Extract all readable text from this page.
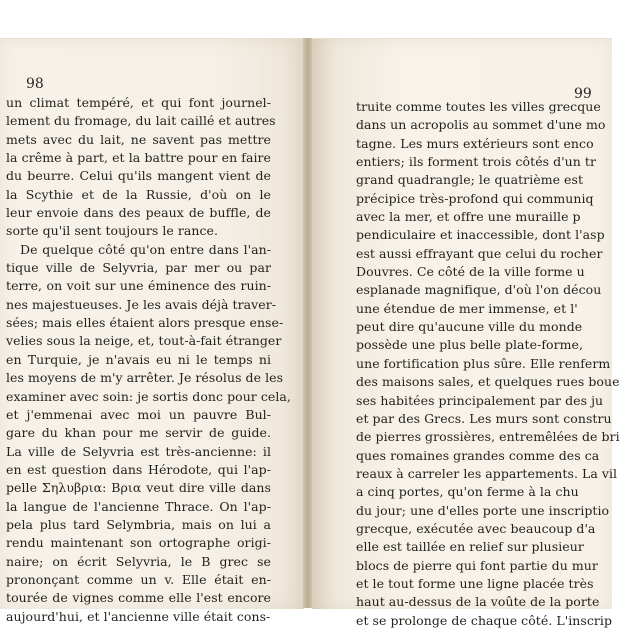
98

99

un climat tempéré, et qui font journel-
lement du fromage, du lait caillé et autres
mets avec du lait, ne savent pas mettre
la crême à part, et la battre pour en faire
du beurre. Celui qu'ils mangent vient de
la Scythie et de la Russie, d'où on le
leur envoie dans des peaux de buffle, de
sorte qu'il sent toujours le rance.
De quelque côté qu'on entre dans l'an-
tique ville de Selyvria, par mer ou par
terre, on voit sur une éminence des ruin-
nes majestueuses. Je les avais déjà traver-
sées; mais elles étaient alors presque ense-
velies sous la neige, et, tout-à-fait étranger
en Turquie, je n'avais eu ni le temps ni
les moyens de m'y arrêter. Je résolus de les
examiner avec soin: je sortis donc pour cela,
et j'emmenai avec moi un pauvre Bul-
gare du khan pour me servir de guide.
La ville de Selyvria est très-ancienne: il
en est question dans Hérodote, qui l'ap-
pelle Σηλυβρια: Βρια veut dire ville dans
la langue de l'ancienne Thrace. On l'ap-
pela plus tard Selymbria, mais on lui a
rendu maintenant son ortographe origi-
naire; on écrit Selyvria, le B grec se
prononçant comme un v. Elle était en-
tourée de vignes comme elle l'est encore
aujourd'hui, et l'ancienne ville était cons-
truite comme toutes les villes grecque
dans un acropolis au sommet d'une mo
tagne. Les murs extérieurs sont enco
entiers; ils forment trois côtés d'un tr
grand quadrangle; le quatrième est
précipice très-profond qui communiq
avec la mer, et offre une muraille p
pendiculaire et inaccessible, dont l'asp
est aussi effrayant que celui du rocher
Douvres. Ce côté de la ville forme u
esplanade magnifique, d'où l'on décou
une étendue de mer immense, et l'
peut dire qu'aucune ville du monde
possède une plus belle plate-forme,
une fortification plus sûre. Elle renferm
des maisons sales, et quelques rues boue
ses habitées principalement par des ju
et par des Grecs. Les murs sont constru
de pierres grossières, entremêlées de bri
ques romaines grandes comme des ca
reaux à carreler les appartements. La vil
a cinq portes, qu'on ferme à la chu
du jour; une d'elles porte une inscriptio
grecque, exécutée avec beaucoup d'a
elle est taillée en relief sur plusieur
blocs de pierre qui font partie du mur
et le tout forme une ligne placée très
haut au-dessus de la voûte de la porte
et se prolonge de chaque côté. L'inscrip
